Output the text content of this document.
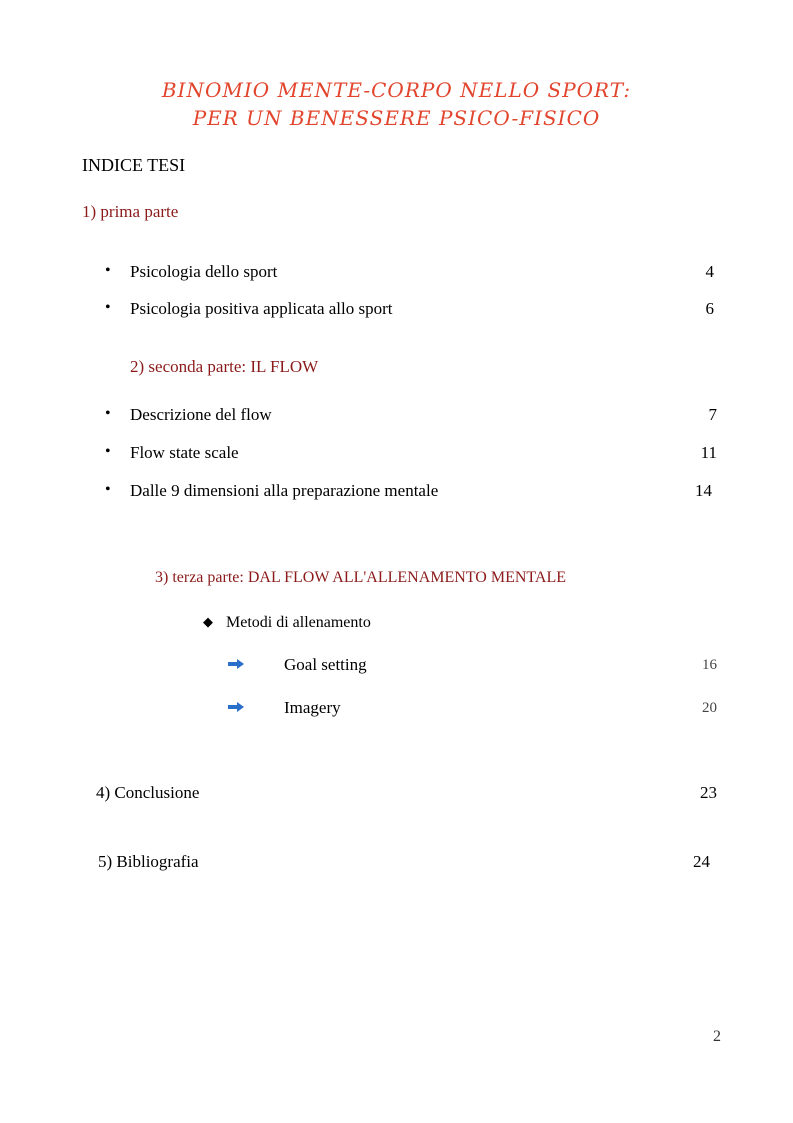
BINOMIO MENTE-CORPO NELLO SPORT:
PER UN BENESSERE PSICO-FISICO
INDICE TESI
1) prima parte
• Psicologia dello sport	4
• Psicologia positiva applicata allo sport	6
2) seconda parte: IL FLOW
• Descrizione del flow	7
• Flow state scale	11
• Dalle 9 dimensioni alla preparazione mentale	14
3) terza parte: DAL FLOW ALL'ALLENAMENTO MENTALE
◆ Metodi di allenamento
Goal setting	16
Imagery	20
4) Conclusione	23
5) Bibliografia	24
2
